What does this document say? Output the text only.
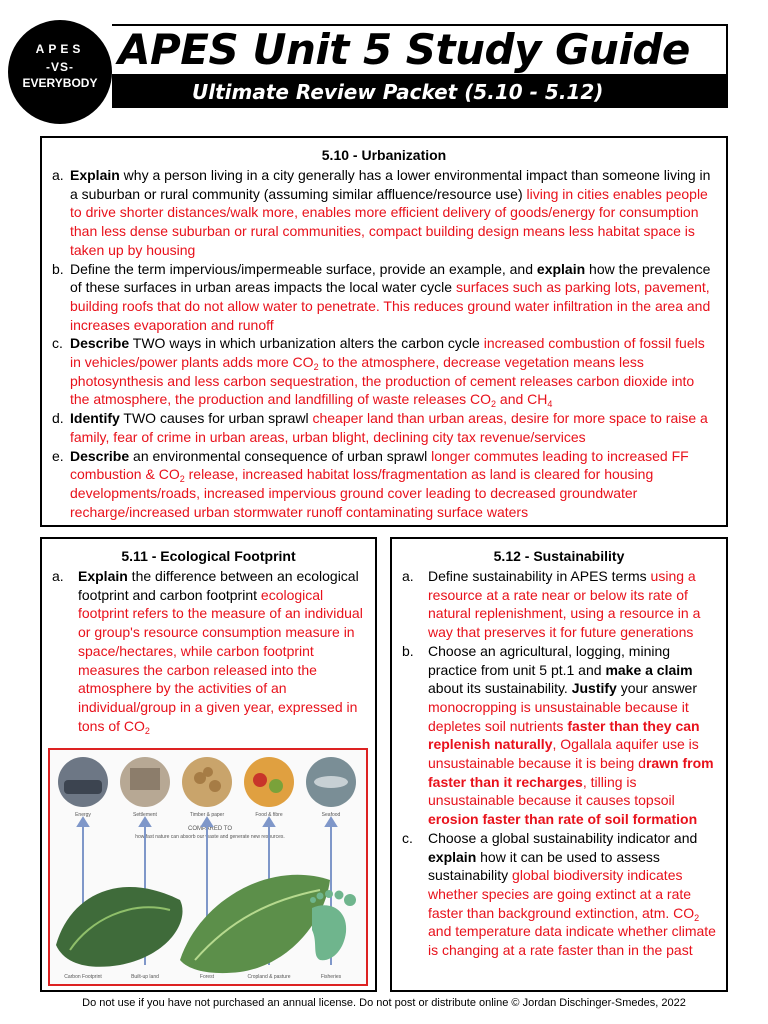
APES
-VS-
EVERYBODY
APES Unit 5 Study Guide
Ultimate Review Packet (5.10 - 5.12)
5.10 - Urbanization
a. Explain why a person living in a city generally has a lower environmental impact than someone living in a suburban or rural community (assuming similar affluence/resource use) living in cities enables people to drive shorter distances/walk more, enables more efficient delivery of goods/energy for consumption than less dense suburban or rural communities, compact building design means less habitat space is taken up by housing
b. Define the term impervious/impermeable surface, provide an example, and explain how the prevalence of these surfaces in urban areas impacts the local water cycle surfaces such as parking lots, pavement, building roofs that do not allow water to penetrate. This reduces ground water infiltration in the area and increases evaporation and runoff
c. Describe TWO ways in which urbanization alters the carbon cycle increased combustion of fossil fuels in vehicles/power plants adds more $CO_2$ to the atmosphere, decrease vegetation means less photosynthesis and less carbon sequestration, the production of cement releases carbon dioxide into the atmosphere, the production and landfilling of waste releases $CO_2$ and $CH_4$
d. Identify TWO causes for urban sprawl cheaper land than urban areas, desire for more space to raise a family, fear of crime in urban areas, urban blight, declining city tax revenue/services
e. Describe an environmental consequence of urban sprawl longer commutes leading to increased FF combustion & $CO_2$ release, increased habitat loss/fragmentation as land is cleared for housing developments/roads, increased impervious ground cover leading to decreased groundwater recharge/increased urban stormwater runoff contaminating surface waters
5.11 - Ecological Footprint
a. Explain the difference between an ecological footprint and carbon footprint ecological footprint refers to the measure of an individual or group's resource consumption measure in space/hectares, while carbon footprint measures the carbon released into the atmosphere by the activities of an individual/group in a given year, expressed in tons of $CO_2$
Energy	Settlement	Timber & paper	Food & fibre	Seafood
COMPARED TO
how fast nature can absorb our waste and generate new resources.
Carbon Footprint	Built-up land	Forest	Cropland & pasture	Fisheries
5.12 - Sustainability
a. Define sustainability in APES terms using a resource at a rate near or below its rate of natural replenishment, using a resource in a way that preserves it for future generations
b. Choose an agricultural, logging, mining practice from unit 5 pt.1 and make a claim about its sustainability. Justify your answer monocropping is unsustainable because it depletes soil nutrients faster than they can replenish naturally, Ogallala aquifer use is unsustainable because it is being drawn from faster than it recharges, tilling is unsustainable because it causes topsoil erosion faster than rate of soil formation
c. Choose a global sustainability indicator and explain how it can be used to assess sustainability global biodiversity indicates whether species are going extinct at a rate faster than background extinction, atm. $CO_2$ and temperature data indicate whether climate is changing at a rate faster than in the past
Do not use if you have not purchased an annual license. Do not post or distribute online © Jordan Dischinger-Smedes, 2022
